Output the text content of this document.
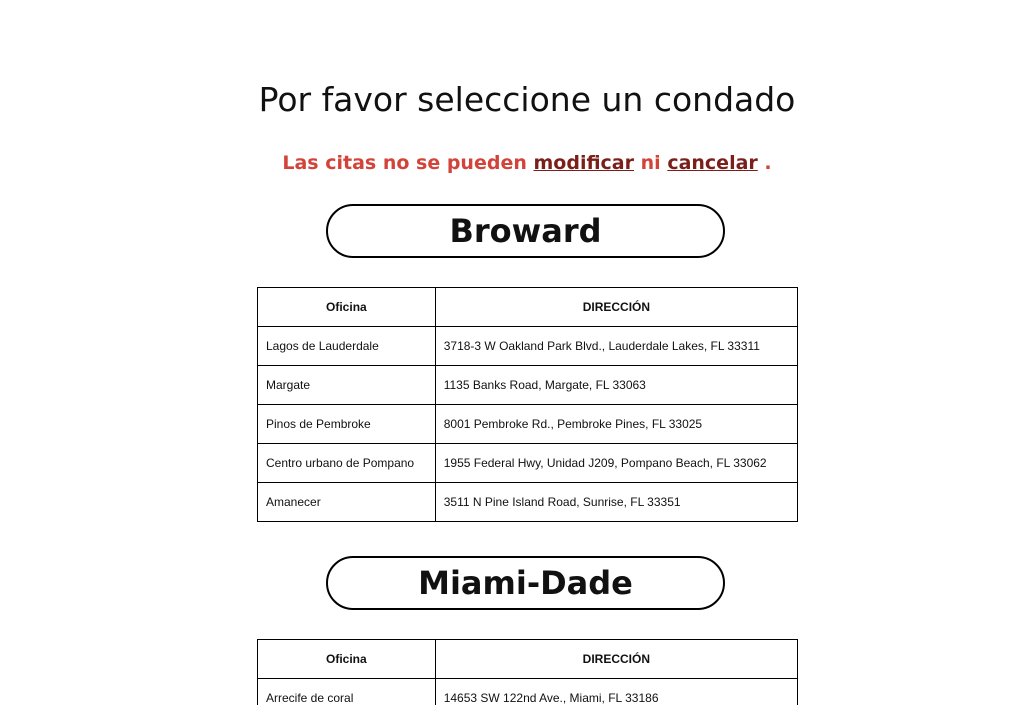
Por favor seleccione un condado

Las citas no se pueden modificar ni cancelar .

Broward
Oficina	DIRECCIÓN
Lagos de Lauderdale	3718-3 W Oakland Park Blvd., Lauderdale Lakes, FL 33311
Margate	1135 Banks Road, Margate, FL 33063
Pinos de Pembroke	8001 Pembroke Rd., Pembroke Pines, FL 33025
Centro urbano de Pompano	1955 Federal Hwy, Unidad J209, Pompano Beach, FL 33062
Amanecer	3511 N Pine Island Road, Sunrise, FL 33351
Miami-Dade
Oficina	DIRECCIÓN
Arrecife de coral	14653 SW 122nd Ave., Miami, FL 33186
